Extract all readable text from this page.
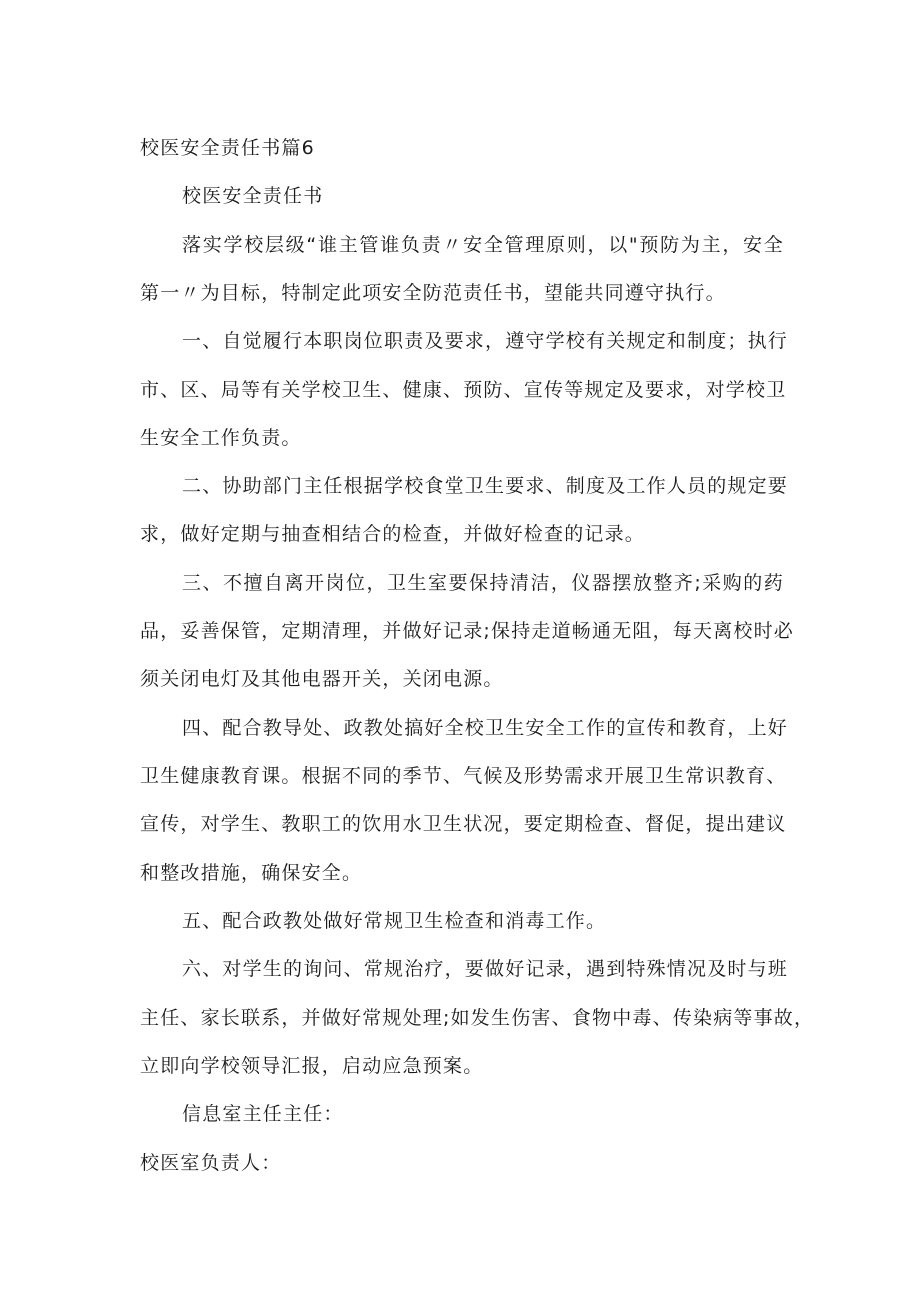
校医安全责任书篇6
校医安全责任书
落实学校层级“谁主管谁负责〃安全管理原则，以"预防为主，安全
第一〃为目标，特制定此项安全防范责任书，望能共同遵守执行。
一、自觉履行本职岗位职责及要求，遵守学校有关规定和制度；执行
市、区、局等有关学校卫生、健康、预防、宣传等规定及要求，对学校卫
生安全工作负责。
二、协助部门主任根据学校食堂卫生要求、制度及工作人员的规定要
求，做好定期与抽查相结合的检查，并做好检查的记录。
三、不擅自离开岗位，卫生室要保持清洁，仪器摆放整齐;采购的药
品，妥善保管，定期清理，并做好记录;保持走道畅通无阻，每天离校时必
须关闭电灯及其他电器开关，关闭电源。
四、配合教导处、政教处搞好全校卫生安全工作的宣传和教育，上好
卫生健康教育课。根据不同的季节、气候及形势需求开展卫生常识教育、
宣传，对学生、教职工的饮用水卫生状况，要定期检查、督促，提出建议
和整改措施，确保安全。
五、配合政教处做好常规卫生检查和消毒工作。
六、对学生的询问、常规治疗，要做好记录，遇到特殊情况及时与班
主任、家长联系，并做好常规处理;如发生伤害、食物中毒、传染病等事故，
立即向学校领导汇报，启动应急预案。
信息室主任主任：
校医室负责人：
